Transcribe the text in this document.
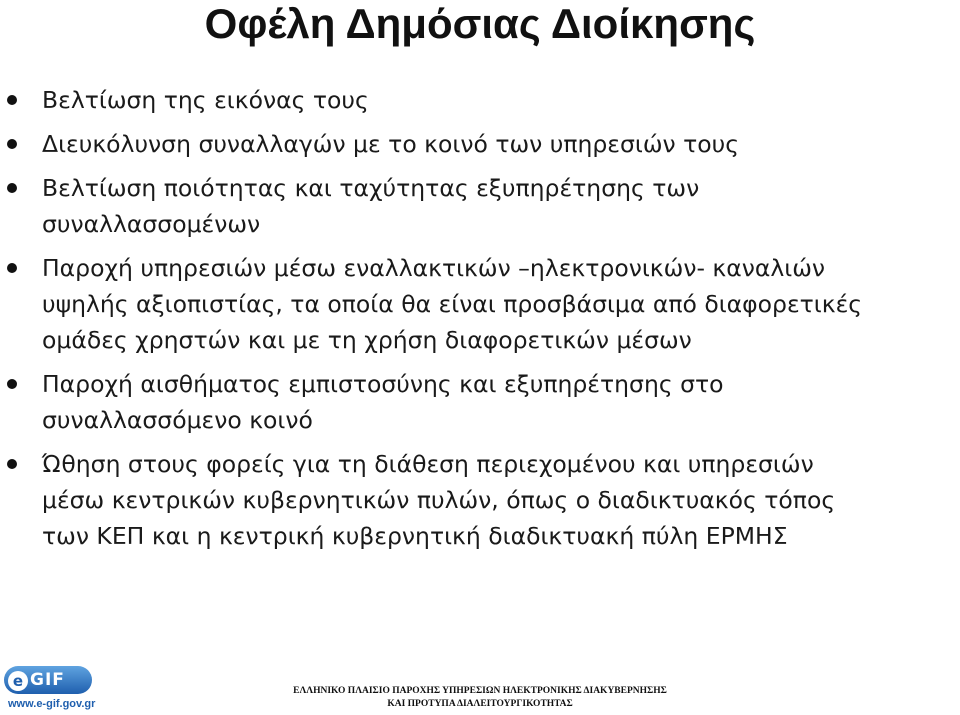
Οφέλη Δημόσιας Διοίκησης
Βελτίωση της εικόνας τους
Διευκόλυνση συναλλαγών με το κοινό των υπηρεσιών τους
Βελτίωση ποιότητας και ταχύτητας εξυπηρέτησης των
συναλλασσομένων
Παροχή υπηρεσιών μέσω εναλλακτικών –ηλεκτρονικών- καναλιών
υψηλής αξιοπιστίας, τα οποία θα είναι προσβάσιμα από διαφορετικές
ομάδες χρηστών και με τη χρήση διαφορετικών μέσων
Παροχή αισθήματος εμπιστοσύνης και εξυπηρέτησης στο
συναλλασσόμενο κοινό
Ώθηση στους φορείς για τη διάθεση περιεχομένου και υπηρεσιών
μέσω κεντρικών κυβερνητικών πυλών, όπως ο διαδικτυακός τόπος
των ΚΕΠ και η κεντρική κυβερνητική διαδικτυακή πύλη ΕΡΜΗΣ
e GIF
www.e-gif.gov.gr
ΕΛΛΗΝΙΚΟ ΠΛΑΙΣΙΟ ΠΑΡΟΧΗΣ ΥΠΗΡΕΣΙΩΝ ΗΛΕΚΤΡΟΝΙΚΗΣ ΔΙΑΚΥΒΕΡΝΗΣΗΣ
ΚΑΙ ΠΡΟΤΥΠΑ ΔΙΑΛΕΙΤΟΥΡΓΙΚΟΤΗΤΑΣ
